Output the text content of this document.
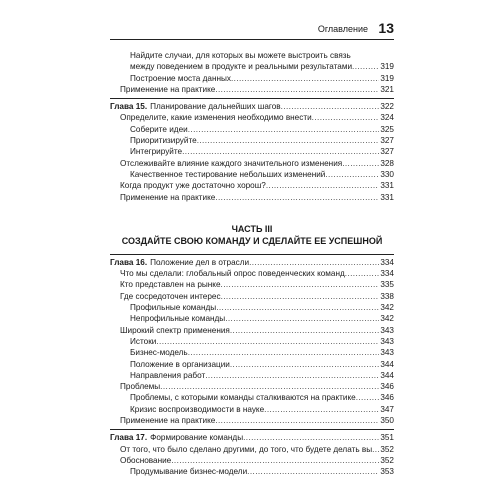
Оглавление 13
Найдите случаи, для которых вы можете выстроить связь
между поведением в продукте и реальными результатами .....	319
Построение моста данных .....	319
Применение на практике .....	321
Глава 15. Планирование дальнейших шагов .....	322
Определите, какие изменения необходимо внести .....	324
Соберите идеи .....	325
Приоритизируйте .....	327
Интегрируйте .....	327
Отслеживайте влияние каждого значительного изменения .....	328
Качественное тестирование небольших изменений .....	330
Когда продукт уже достаточно хорош? .....	331
Применение на практике .....	331
ЧАСТЬ III
СОЗДАЙТЕ СВОЮ КОМАНДУ И СДЕЛАЙТЕ ЕЕ УСПЕШНОЙ
Глава 16. Положение дел в отрасли .....	334
Что мы сделали: глобальный опрос поведенческих команд .....	334
Кто представлен на рынке .....	335
Где сосредоточен интерес .....	338
Профильные команды .....	342
Непрофильные команды .....	342
Широкий спектр применения .....	343
Истоки .....	343
Бизнес-модель .....	343
Положение в организации .....	344
Направления работ .....	344
Проблемы .....	346
Проблемы, с которыми команды сталкиваются на практике .....	346
Кризис воспроизводимости в науке .....	347
Применение на практике .....	350
Глава 17. Формирование команды .....	351
От того, что было сделано другими, до того, что будете делать вы ..... 352
Обоснование .....	352
Продумывание бизнес-модели .....	353
